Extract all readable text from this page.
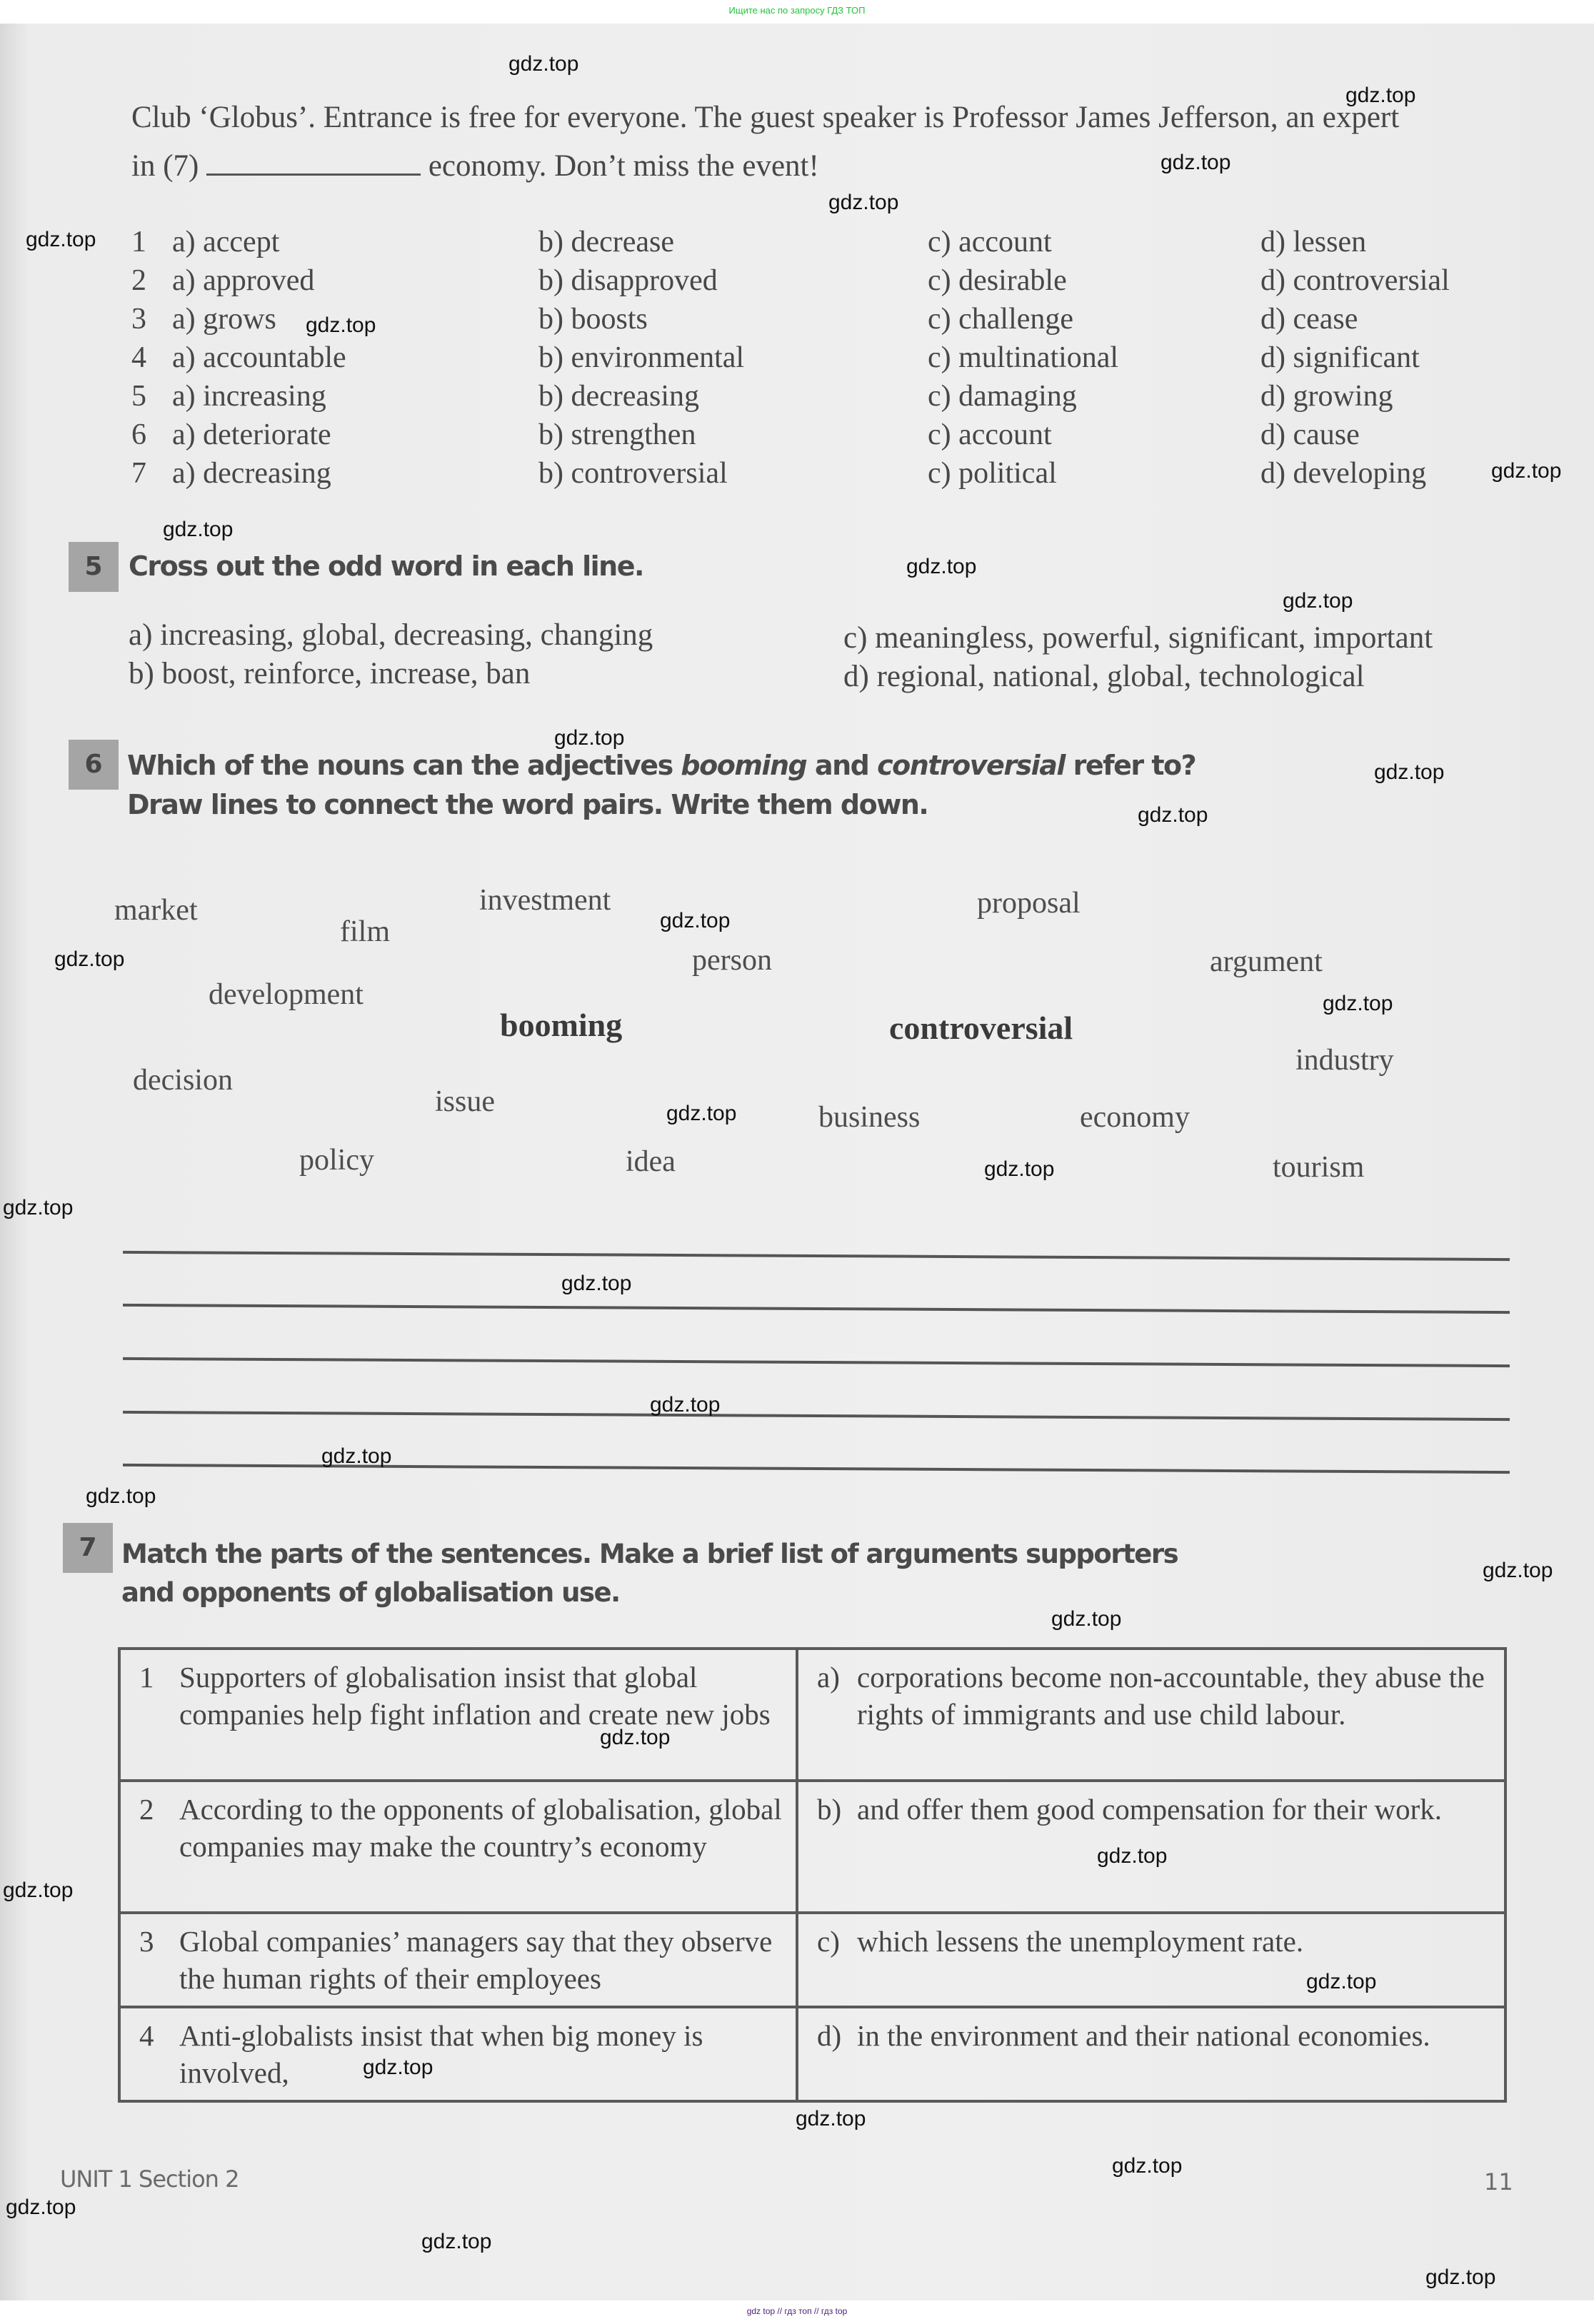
Ищите нас по запросу ГДЗ ТОП
Club ‘Globus’. Entrance is free for everyone. The guest speaker is Professor James Jefferson, an expert
in (7)	economy. Don’t miss the event!
1 a) accept	b) decrease	c) account	d) lessen
2 a) approved	b) disapproved	c) desirable	d) controversial
3 a) grows	b) boosts	c) challenge	d) cease
4 a) accountable	b) environmental	c) multinational	d) significant
5 a) increasing	b) decreasing	c) damaging	d) growing
6 a) deteriorate	b) strengthen	c) account	d) cause
7 a) decreasing	b) controversial	c) political	d) developing
5 Cross out the odd word in each line.
a) increasing, global, decreasing, changing
b) boost, reinforce, increase, ban
c) meaningless, powerful, significant, important
d) regional, national, global, technological
6 Which of the nouns can the adjectives booming and controversial refer to?
Draw lines to connect the word pairs. Write them down.
market
film
investment	proposal
person	argument
development
booming	controversial
industry
decision
issue	business	economy
policy	idea	tourism
7 Match the parts of the sentences. Make a brief list of arguments supporters
and opponents of globalisation use.
1 Supporters of globalisation insist that global companies help fight inflation and create new jobs	a) corporations become non-accountable, they abuse the rights of immigrants and use child labour.

2 According to the opponents of globalisation, global companies may make the country’s economy	b) and offer them good compensation for their work.

3 Global companies’ managers say that they observe the human rights of their employees	c) which lessens the unemployment rate.

4 Anti-globalists insist that when big money is involved,	d) in the environment and their national economies.
UNIT 1 Section 2	11
gdz.top
gdz.top
gdz.top
gdz.top
gdz.top
gdz.top
gdz.top
gdz.top
gdz.top
gdz.top
gdz.top
gdz.top
gdz.top
gdz.top
gdz.top
gdz.top
gdz.top
gdz.top
gdz.top
gdz.top
gdz.top
gdz.top
gdz.top
gdz.top
gdz.top
gdz.top
gdz.top
gdz.top
gdz.top
gdz.top
gdz.top
gdz.top
gdz.top
gdz.top
gdz.top
gdz top // гдз топ // гдз top
